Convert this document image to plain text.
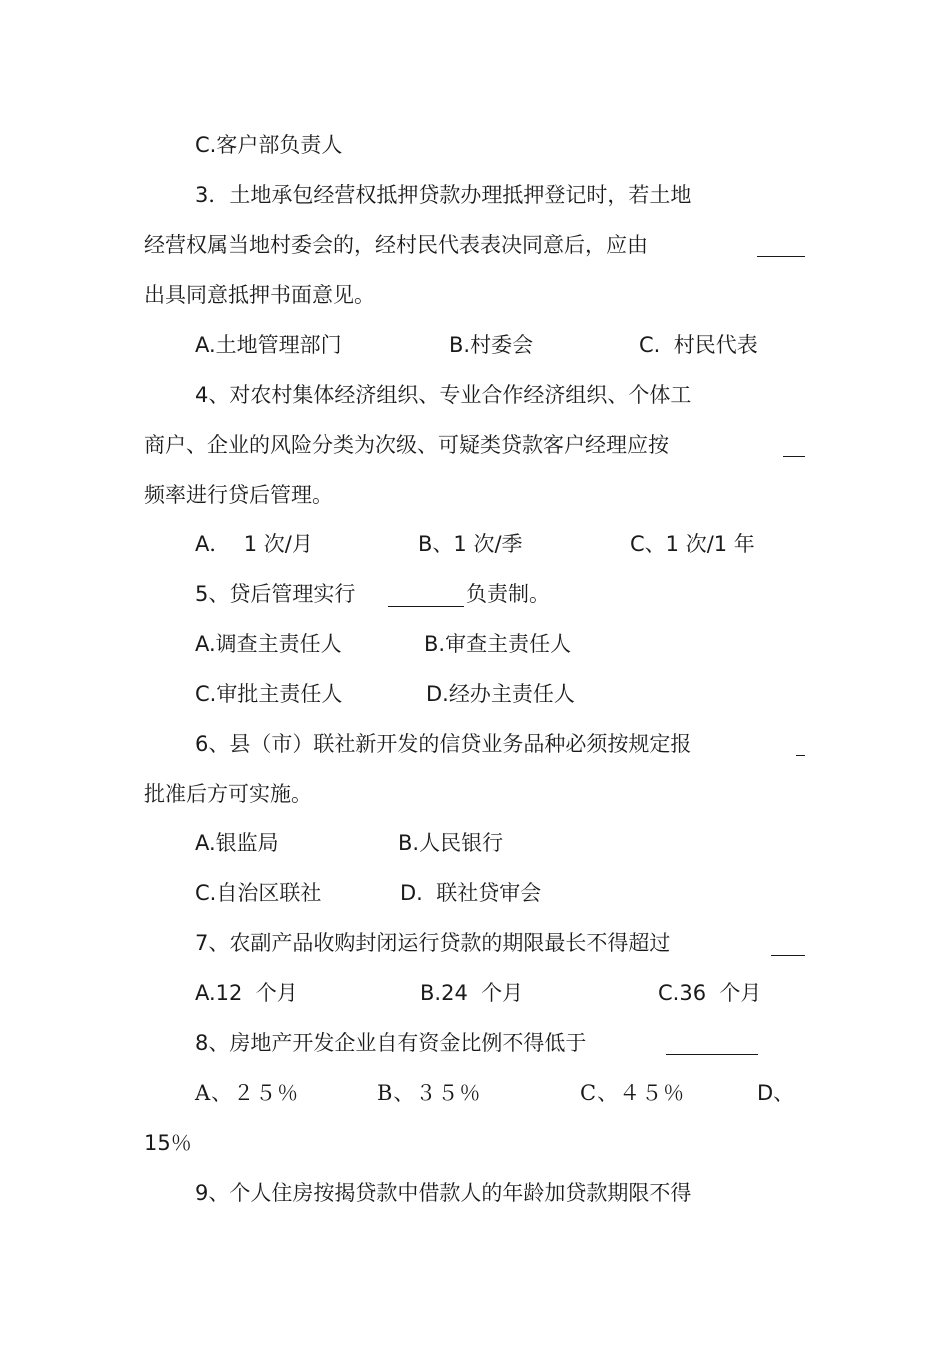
C.客户部负责人
3．土地承包经营权抵押贷款办理抵押登记时，若土地
经营权属当地村委会的，经村民代表表决同意后，应由
出具同意抵押书面意见。
A.土地管理部门	B.村委会	C.  村民代表
4、对农村集体经济组织、专业合作经济组织、个体工
商户、企业的风险分类为次级、可疑类贷款客户经理应按
频率进行贷后管理。
A．  1 次/月	B、1 次/季	C、1 次/1 年
5、贷后管理实行	负责制。
A.调查主责任人	B.审查主责任人
C.审批主责任人	D.经办主责任人
6、县（市）联社新开发的信贷业务品种必须按规定报
批准后方可实施。
A.银监局	B.人民银行
C.自治区联社	D.  联社贷审会
7、农副产品收购封闭运行贷款的期限最长不得超过
A.12  个月	B.24  个月	C.36  个月
8、房地产开发企业自有资金比例不得低于
A、２５％	B、３５％	C、４５％	D、
15％
9、个人住房按揭贷款中借款人的年龄加贷款期限不得
